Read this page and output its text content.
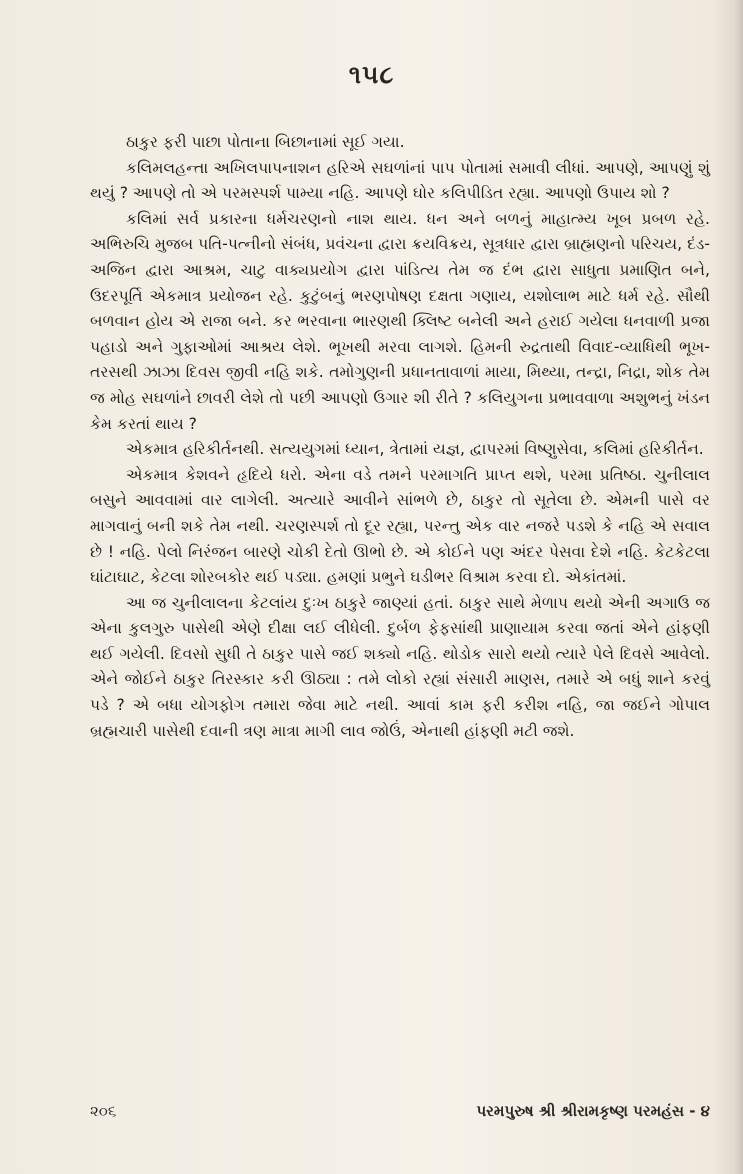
૧૫૮

ઠાકુર ફરી પાછા પોતાના બિછાનામાં સૂઈ ગયા.

કલિમલહન્તા અખિલપાપનાશન હરિએ સઘળાંનાં પાપ પોતામાં સમાવી લીધાં. આપણે, આપણું શું થયું ? આપણે તો એ પરમસ્પર્શ પામ્યા નહિ. આપણે ઘોર કલિપીડિત રહ્યા. આપણો ઉપાય શો ?

કલિમાં સર્વ પ્રકારના ધર્મચરણનો નાશ થાય. ધન અને બળનું માહાત્મ્ય ખૂબ પ્રબળ રહે. અભિરુચિ મુજબ પતિ-પત્નીનો સંબંધ, પ્રવંચના દ્વારા ક્રયવિક્રય, સૂત્રધાર દ્વારા બ્રાહ્મણનો પરિચય, દંડ-અજિન દ્વારા આશ્રમ, ચાટુ વાક્યપ્રયોગ દ્વારા પાંડિત્ય તેમ જ દંભ દ્વારા સાધુતા પ્રમાણિત બને, ઉદરપૂર્તિ એકમાત્ર પ્રયોજન રહે. કુટુંબનું ભરણપોષણ દક્ષતા ગણાય, યશોલાભ માટે ધર્મ રહે. સૌથી બળવાન હોય એ રાજા બને. કર ભરવાના ભારણથી ક્લિષ્ટ બનેલી અને હરાઈ ગયેલા ધનવાળી પ્રજા પહાડો અને ગુફાઓમાં આશ્રય લેશે. ભૂખથી મરવા લાગશે. હિમની રુદ્રતાથી વિવાદ-વ્યાધિથી ભૂખ-તરસથી ઝાઝા દિવસ જીવી નહિ શકે. તમોગુણની પ્રધાનતાવાળાં માયા, મિથ્યા, તન્દ્રા, નિદ્રા, શોક તેમ જ મોહ સઘળાંને છાવરી લેશે તો પછી આપણો ઉગાર શી રીતે ? કલિયુગના પ્રભાવવાળા અશુભનું ખંડન કેમ કરતાં થાય ?

એકમાત્ર હરિકીર્તનથી. સત્યયુગમાં ધ્યાન, ત્રેતામાં યજ્ઞ, દ્વાપરમાં વિષ્ણુસેવા, કલિમાં હરિકીર્તન.

એકમાત્ર કેશવને હૃદિયે ધરો. એના વડે તમને પરમાગતિ પ્રાપ્ત થશે, પરમા પ્રતિષ્ઠા. ચુનીલાલ બસુને આવવામાં વાર લાગેલી. અત્યારે આવીને સાંભળે છે, ઠાકુર તો સૂતેલા છે. એમની પાસે વર માગવાનું બની શકે તેમ નથી. ચરણસ્પર્શ તો દૂર રહ્યા, પરન્તુ એક વાર નજરે પડશે કે નહિ એ સવાલ છે ! નહિ. પેલો નિરંજન બારણે ચોકી દેતો ઊભો છે. એ કોઈને પણ અંદર પેસવા દેશે નહિ. કેટકેટલા ઘાંટાઘાટ, કેટલા શોરબકોર થઈ પડ્યા. હમણાં પ્રભુને ઘડીભર વિશ્રામ કરવા દો. એકાંતમાં.

આ જ ચુનીલાલના કેટલાંય દુઃખ ઠાકુરે જાણ્યાં હતાં. ઠાકુર સાથે મેળાપ થયો એની અગાઉ જ એના કુલગુરુ પાસેથી એણે દીક્ષા લઈ લીધેલી. દુર્બળ ફેફસાંથી પ્રાણાયામ કરવા જતાં એને હાંફણી થઈ ગયેલી. દિવસો સુધી તે ઠાકુર પાસે જઈ શક્યો નહિ. થોડોક સારો થયો ત્યારે પેલે દિવસે આવેલો. એને જોઈને ઠાકુર તિરસ્કાર કરી ઊઠ્યા : તમે લોકો રહ્યાં સંસારી માણસ, તમારે એ બધું શાને કરવું પડે ? એ બધા યોગફોગ તમારા જેવા માટે નથી. આવાં કામ ફરી કરીશ નહિ, જા જઈને ગોપાલ બ્રહ્મચારી પાસેથી દવાની ત્રણ માત્રા માગી લાવ જોઉં, એનાથી હાંફણી મટી જશે.

૨૦૬	પરમપુરુષ શ્રી શ્રીરામકૃષ્ણ પરમહંસ - ૪
